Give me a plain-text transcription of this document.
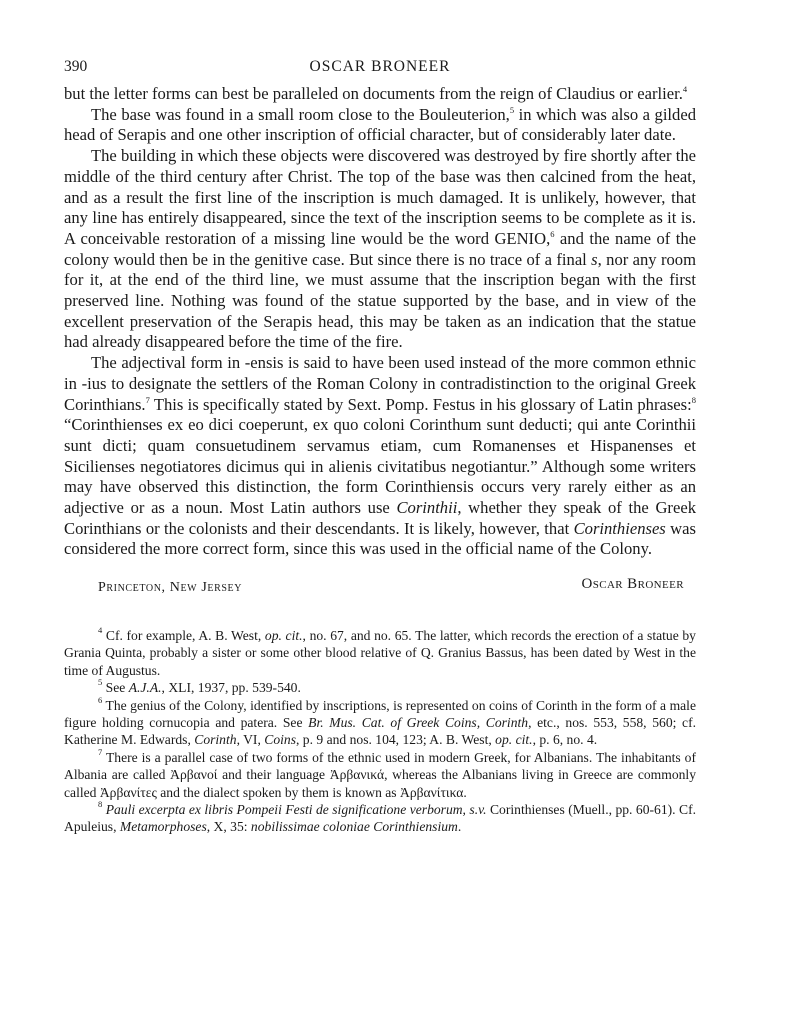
390	OSCAR BRONEER

but the letter forms can best be paralleled on documents from the reign of Claudius or earlier.$^4$

The base was found in a small room close to the Bouleuterion,$^5$ in which was also a gilded head of Serapis and one other inscription of official character, but of considerably later date.

The building in which these objects were discovered was destroyed by fire shortly after the middle of the third century after Christ. The top of the base was then calcined from the heat, and as a result the first line of the inscription is much damaged. It is unlikely, however, that any line has entirely disappeared, since the text of the inscription seems to be complete as it is. A conceivable restoration of a missing line would be the word GENIO,$^6$ and the name of the colony would then be in the genitive case. But since there is no trace of a final s, nor any room for it, at the end of the third line, we must assume that the inscription began with the first preserved line. Nothing was found of the statue supported by the base, and in view of the excellent preservation of the Serapis head, this may be taken as an indication that the statue had already disappeared before the time of the fire.

The adjectival form in -ensis is said to have been used instead of the more common ethnic in -ius to designate the settlers of the Roman Colony in contradistinction to the original Greek Corinthians.$^7$ This is specifically stated by Sext. Pomp. Festus in his glossary of Latin phrases:$^8$ “Corinthienses ex eo dici coeperunt, ex quo coloni Corinthum sunt deducti; qui ante Corinthii sunt dicti; quam consuetudinem servamus etiam, cum Romanenses et Hispanenses et Sicilienses negotiatores dicimus qui in alienis civitatibus negotiantur.” Although some writers may have observed this distinction, the form Corinthiensis occurs very rarely either as an adjective or as a noun. Most Latin authors use Corinthii, whether they speak of the Greek Corinthians or the colonists and their descendants. It is likely, however, that Corinthienses was considered the more correct form, since this was used in the official name of the Colony.

Princeton, New Jersey	Oscar Broneer

$^4$ Cf. for example, A. B. West, op. cit., no. 67, and no. 65. The latter, which records the erection of a statue by Grania Quinta, probably a sister or some other blood relative of Q. Granius Bassus, has been dated by West in the time of Augustus.

$^5$ See A.J.A., XLI, 1937, pp. 539-540.

$^6$ The genius of the Colony, identified by inscriptions, is represented on coins of Corinth in the form of a male figure holding cornucopia and patera. See Br. Mus. Cat. of Greek Coins, Corinth, etc., nos. 553, 558, 560; cf. Katherine M. Edwards, Corinth, VI, Coins, p. 9 and nos. 104, 123; A. B. West, op. cit., p. 6, no. 4.

$^7$ There is a parallel case of two forms of the ethnic used in modern Greek, for Albanians. The inhabitants of Albania are called Ἀρβανοί and their language Ἀρβανικά, whereas the Albanians living in Greece are commonly called Ἀρβανίτες and the dialect spoken by them is known as Ἀρβανίτικα.

$^8$ Pauli excerpta ex libris Pompeii Festi de significatione verborum, s.v. Corinthienses (Muell., pp. 60-61). Cf. Apuleius, Metamorphoses, X, 35: nobilissimae coloniae Corinthiensium.
